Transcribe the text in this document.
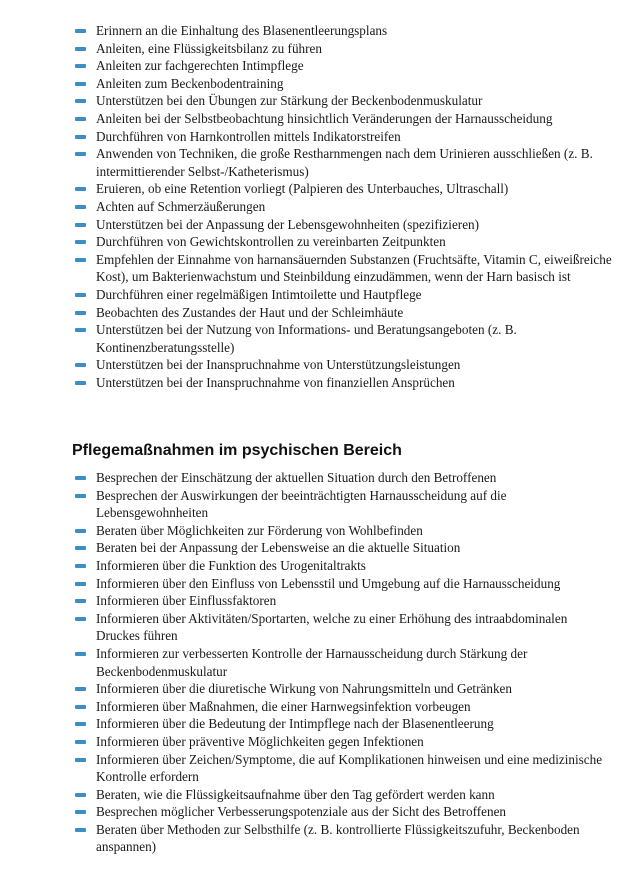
Erinnern an die Einhaltung des Blasenentleerungsplans
Anleiten, eine Flüssigkeitsbilanz zu führen
Anleiten zur fachgerechten Intimpflege
Anleiten zum Beckenbodentraining
Unterstützen bei den Übungen zur Stärkung der Beckenbodenmuskulatur
Anleiten bei der Selbstbeobachtung hinsichtlich Veränderungen der Harnausscheidung
Durchführen von Harnkontrollen mittels Indikatorstreifen
Anwenden von Techniken, die große Restharnmengen nach dem Urinieren ausschließen (z. B. intermittierender Selbst-/Katheterismus)
Eruieren, ob eine Retention vorliegt (Palpieren des Unterbauches, Ultraschall)
Achten auf Schmerzäußerungen
Unterstützen bei der Anpassung der Lebensgewohnheiten (spezifizieren)
Durchführen von Gewichtskontrollen zu vereinbarten Zeitpunkten
Empfehlen der Einnahme von harnansäuernden Substanzen (Fruchtsäfte, Vitamin C, eiweißreiche Kost), um Bakterienwachstum und Steinbildung einzudämmen, wenn der Harn basisch ist
Durchführen einer regelmäßigen Intimtoilette und Hautpflege
Beobachten des Zustandes der Haut und der Schleimhäute
Unterstützen bei der Nutzung von Informations- und Beratungsangeboten (z. B. Kontinenzberatungsstelle)
Unterstützen bei der Inanspruchnahme von Unterstützungsleistungen
Unterstützen bei der Inanspruchnahme von finanziellen Ansprüchen
Pflegemaßnahmen im psychischen Bereich
Besprechen der Einschätzung der aktuellen Situation durch den Betroffenen
Besprechen der Auswirkungen der beeinträchtigten Harnausscheidung auf die Lebensgewohnheiten
Beraten über Möglichkeiten zur Förderung von Wohlbefinden
Beraten bei der Anpassung der Lebensweise an die aktuelle Situation
Informieren über die Funktion des Urogenitaltrakts
Informieren über den Einfluss von Lebensstil und Umgebung auf die Harnausscheidung
Informieren über Einflussfaktoren
Informieren über Aktivitäten/Sportarten, welche zu einer Erhöhung des intraabdominalen Druckes führen
Informieren zur verbesserten Kontrolle der Harnausscheidung durch Stärkung der Beckenbodenmuskulatur
Informieren über die diuretische Wirkung von Nahrungsmitteln und Getränken
Informieren über Maßnahmen, die einer Harnwegsinfektion vorbeugen
Informieren über die Bedeutung der Intimpflege nach der Blasenentleerung
Informieren über präventive Möglichkeiten gegen Infektionen
Informieren über Zeichen/Symptome, die auf Komplikationen hinweisen und eine medizinische Kontrolle erfordern
Beraten, wie die Flüssigkeitsaufnahme über den Tag gefördert werden kann
Besprechen möglicher Verbesserungspotenziale aus der Sicht des Betroffenen
Beraten über Methoden zur Selbsthilfe (z. B. kontrollierte Flüssigkeitszufuhr, Beckenboden anspannen)
